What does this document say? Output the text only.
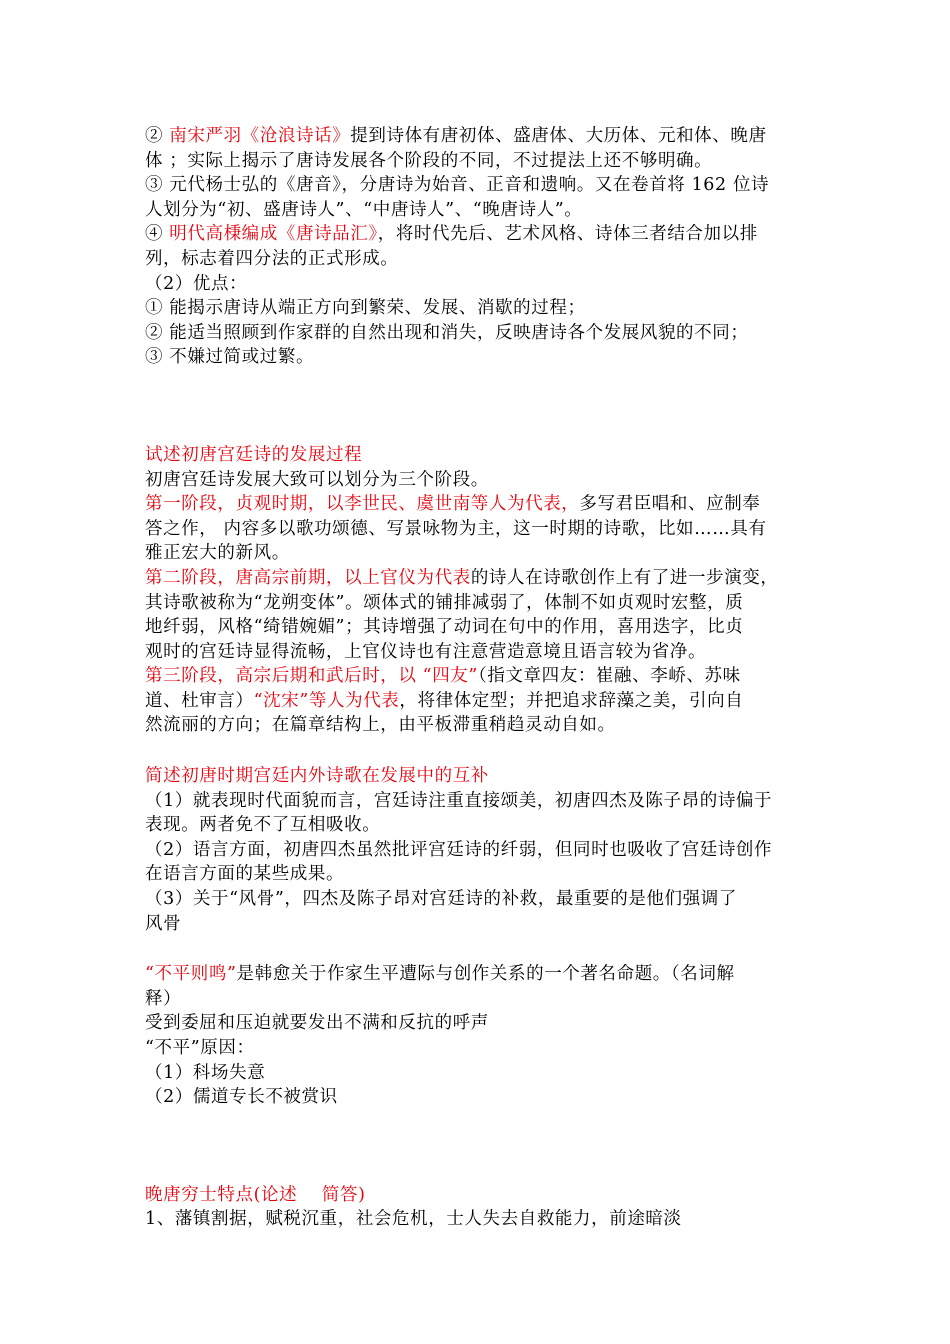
② 南宋严羽《沧浪诗话》提到诗体有唐初体、盛唐体、大历体、元和体、晚唐
体 ；实际上揭示了唐诗发展各个阶段的不同，不过提法上还不够明确。
③ 元代杨士弘的《唐音》，分唐诗为始音、正音和遗响。又在卷首将 162 位诗
人划分为“初、盛唐诗人”、“中唐诗人”、“晚唐诗人”。
④ 明代高棅编成《唐诗品汇》，将时代先后、艺术风格、诗体三者结合加以排
列，标志着四分法的正式形成。
（2）优点：
① 能揭示唐诗从端正方向到繁荣、发展、消歇的过程；
② 能适当照顾到作家群的自然出现和消失，反映唐诗各个发展风貌的不同；
③ 不嫌过简或过繁。
试述初唐宫廷诗的发展过程
初唐宫廷诗发展大致可以划分为三个阶段。
第一阶段，贞观时期，以李世民、虞世南等人为代表，多写君臣唱和、应制奉
答之作， 内容多以歌功颂德、写景咏物为主，这一时期的诗歌，比如……具有
雅正宏大的新风。
第二阶段，唐高宗前期，以上官仪为代表的诗人在诗歌创作上有了进一步演变，
其诗歌被称为“龙朔变体”。颂体式的铺排减弱了，体制不如贞观时宏整，质
地纤弱，风格“绮错婉媚”；其诗增强了动词在句中的作用，喜用迭字，比贞
观时的宫廷诗显得流畅，上官仪诗也有注意营造意境且语言较为省净。
第三阶段，高宗后期和武后时，以 “四友”（指文章四友：崔融、李峤、苏味
道、杜审言）“沈宋”等人为代表，将律体定型；并把追求辞藻之美，引向自
然流丽的方向；在篇章结构上，由平板滞重稍趋灵动自如。
简述初唐时期宫廷内外诗歌在发展中的互补
（1）就表现时代面貌而言，宫廷诗注重直接颂美，初唐四杰及陈子昂的诗偏于
表现。两者免不了互相吸收。
（2）语言方面，初唐四杰虽然批评宫廷诗的纤弱，但同时也吸收了宫廷诗创作
在语言方面的某些成果。
（3）关于“风骨”，四杰及陈子昂对宫廷诗的补救，最重要的是他们强调了
风骨
“不平则鸣”是韩愈关于作家生平遭际与创作关系的一个著名命题。（名词解
释）
受到委屈和压迫就要发出不满和反抗的呼声
“不平”原因：
（1）科场失意
（2）儒道专长不被赏识
晚唐穷士特点(论述    简答)
1、藩镇割据，赋税沉重，社会危机，士人失去自救能力，前途暗淡
